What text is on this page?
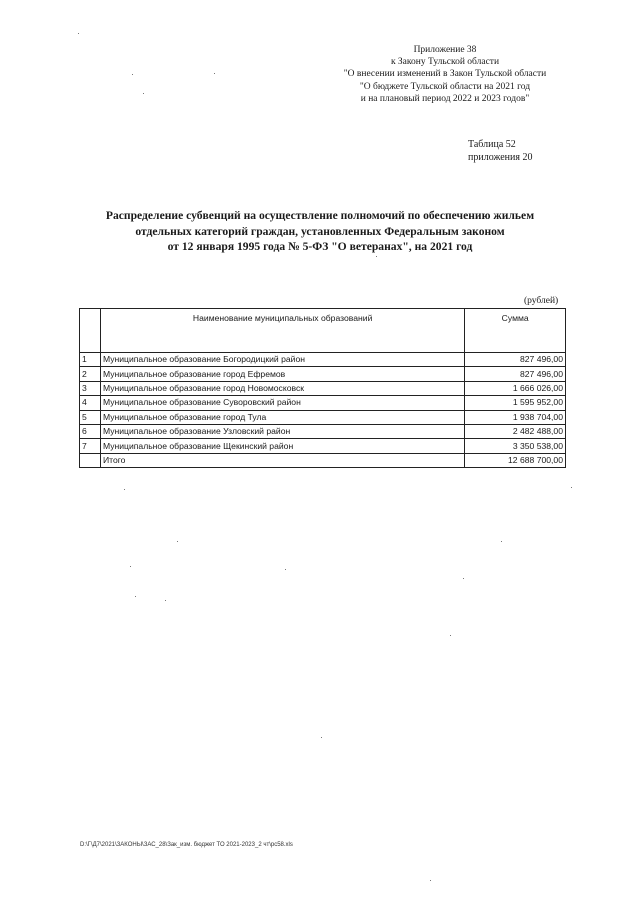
Приложение 38
к Закону Тульской области
"О внесении изменений в Закон Тульской области
"О бюджете Тульской области на 2021 год
и на плановый период 2022 и 2023 годов"
Таблица 52
приложения 20
Распределение субвенций на осуществление полномочий по обеспечению жильем
отдельных категорий граждан, установленных Федеральным законом
от 12 января 1995 года № 5-ФЗ "О ветеранах", на 2021 год
(рублей)
	Наименование муниципальных образований	Сумма
1	Муниципальное образование Богородицкий район	827 496,00
2	Муниципальное образование город Ефремов	827 496,00
3	Муниципальное образование город Новомосковск	1 666 026,00
4	Муниципальное образование Суворовский район	1 595 952,00
5	Муниципальное образование город Тула	1 938 704,00
6	Муниципальное образование Узловский район	2 482 488,00
7	Муниципальное образование Щекинский район	3 350 538,00
	Итого	12 688 700,00
D:\Г\Д7\2021\ЗАКОНЫ\ЗАС_28\Зак_изм. бюджет ТО 2021-2023_2 чт\рс58.xls
